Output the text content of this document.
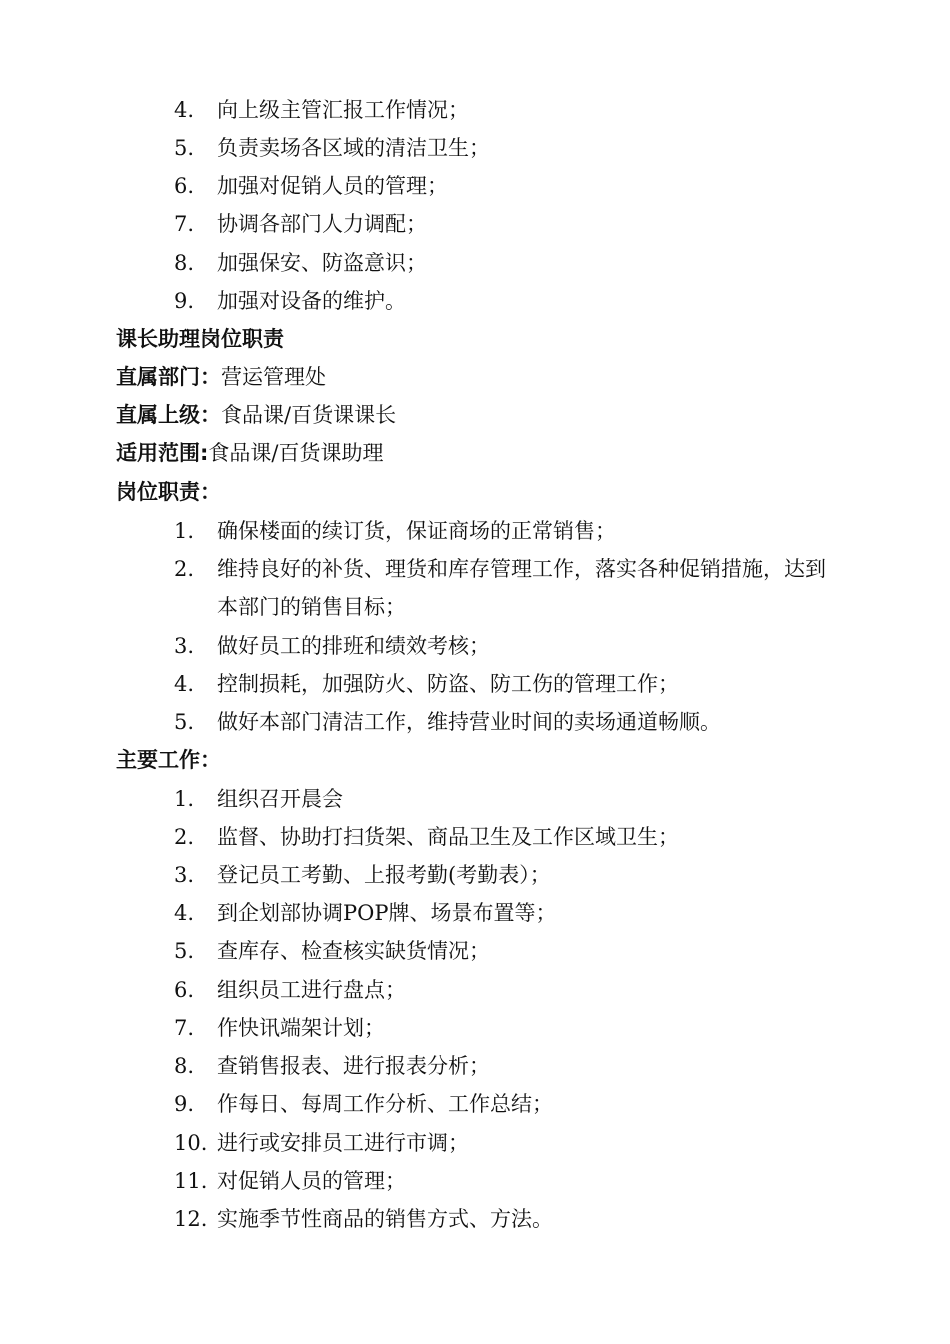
4. 向上级主管汇报工作情况；
5. 负责卖场各区域的清洁卫生；
6. 加强对促销人员的管理；
7. 协调各部门人力调配；
8. 加强保安、防盗意识；
9. 加强对设备的维护。
课长助理岗位职责
直属部门：营运管理处
直属上级：食品课/百货课课长
适用范围:食品课/百货课助理
岗位职责：
1. 确保楼面的续订货，保证商场的正常销售；
2. 维持良好的补货、理货和库存管理工作，落实各种促销措施，达到
本部门的销售目标；
3. 做好员工的排班和绩效考核；
4. 控制损耗，加强防火、防盗、防工伤的管理工作；
5. 做好本部门清洁工作，维持营业时间的卖场通道畅顺。
主要工作：
1. 组织召开晨会
2. 监督、协助打扫货架、商品卫生及工作区域卫生；
3. 登记员工考勤、上报考勤(考勤表）；
4. 到企划部协调POP牌、场景布置等；
5. 查库存、检查核实缺货情况；
6. 组织员工进行盘点；
7. 作快讯端架计划；
8. 查销售报表、进行报表分析；
9. 作每日、每周工作分析、工作总结；
10. 进行或安排员工进行市调；
11. 对促销人员的管理；
12. 实施季节性商品的销售方式、方法。
